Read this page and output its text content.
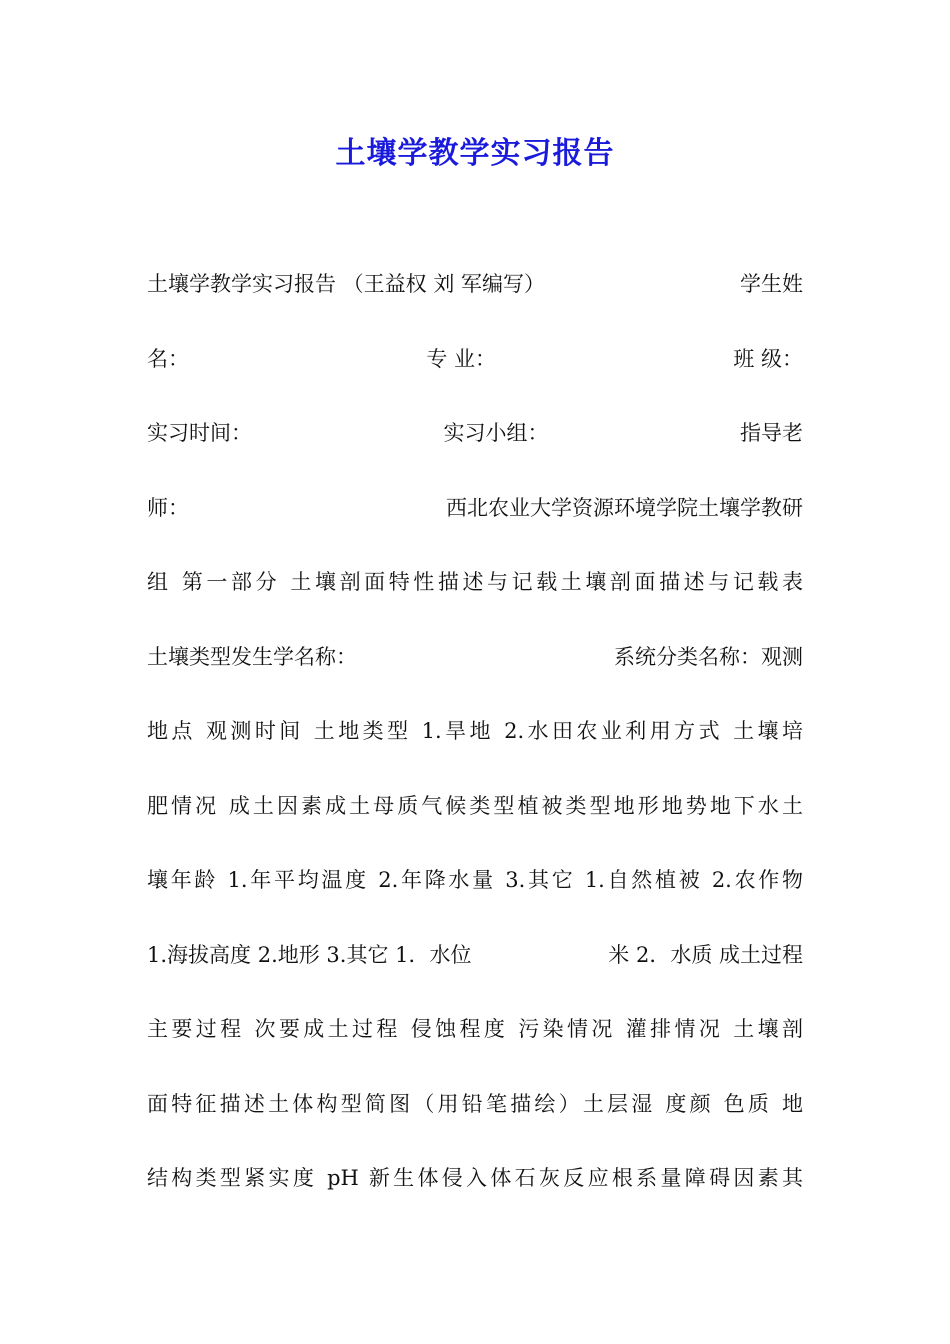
土壤学教学实习报告
土壤学教学实习报告 （王益权 刘 军编写）	学生姓
名：	专 业：	班 级：
实习时间：	实习小组：	指导老
师：	西北农业大学资源环境学院土壤学教研
组 第一部分 土壤剖面特性描述与记载土壤剖面描述与记载表
土壤类型发生学名称：	系统分类名称：观测
地点 观测时间 土地类型 1.旱地 2.水田农业利用方式 土壤培
肥情况 成土因素成土母质气候类型植被类型地形地势地下水土
壤年龄 1.年平均温度 2.年降水量 3.其它 1.自然植被 2.农作物
1.海拔高度 2.地形 3.其它 1．水位	米 2．水质 成土过程
主要过程 次要成土过程 侵蚀程度 污染情况 灌排情况 土壤剖
面特征描述土体构型简图（用铅笔描绘）土层湿 度颜 色质 地
结构类型紧实度 pH 新生体侵入体石灰反应根系量障碍因素其
